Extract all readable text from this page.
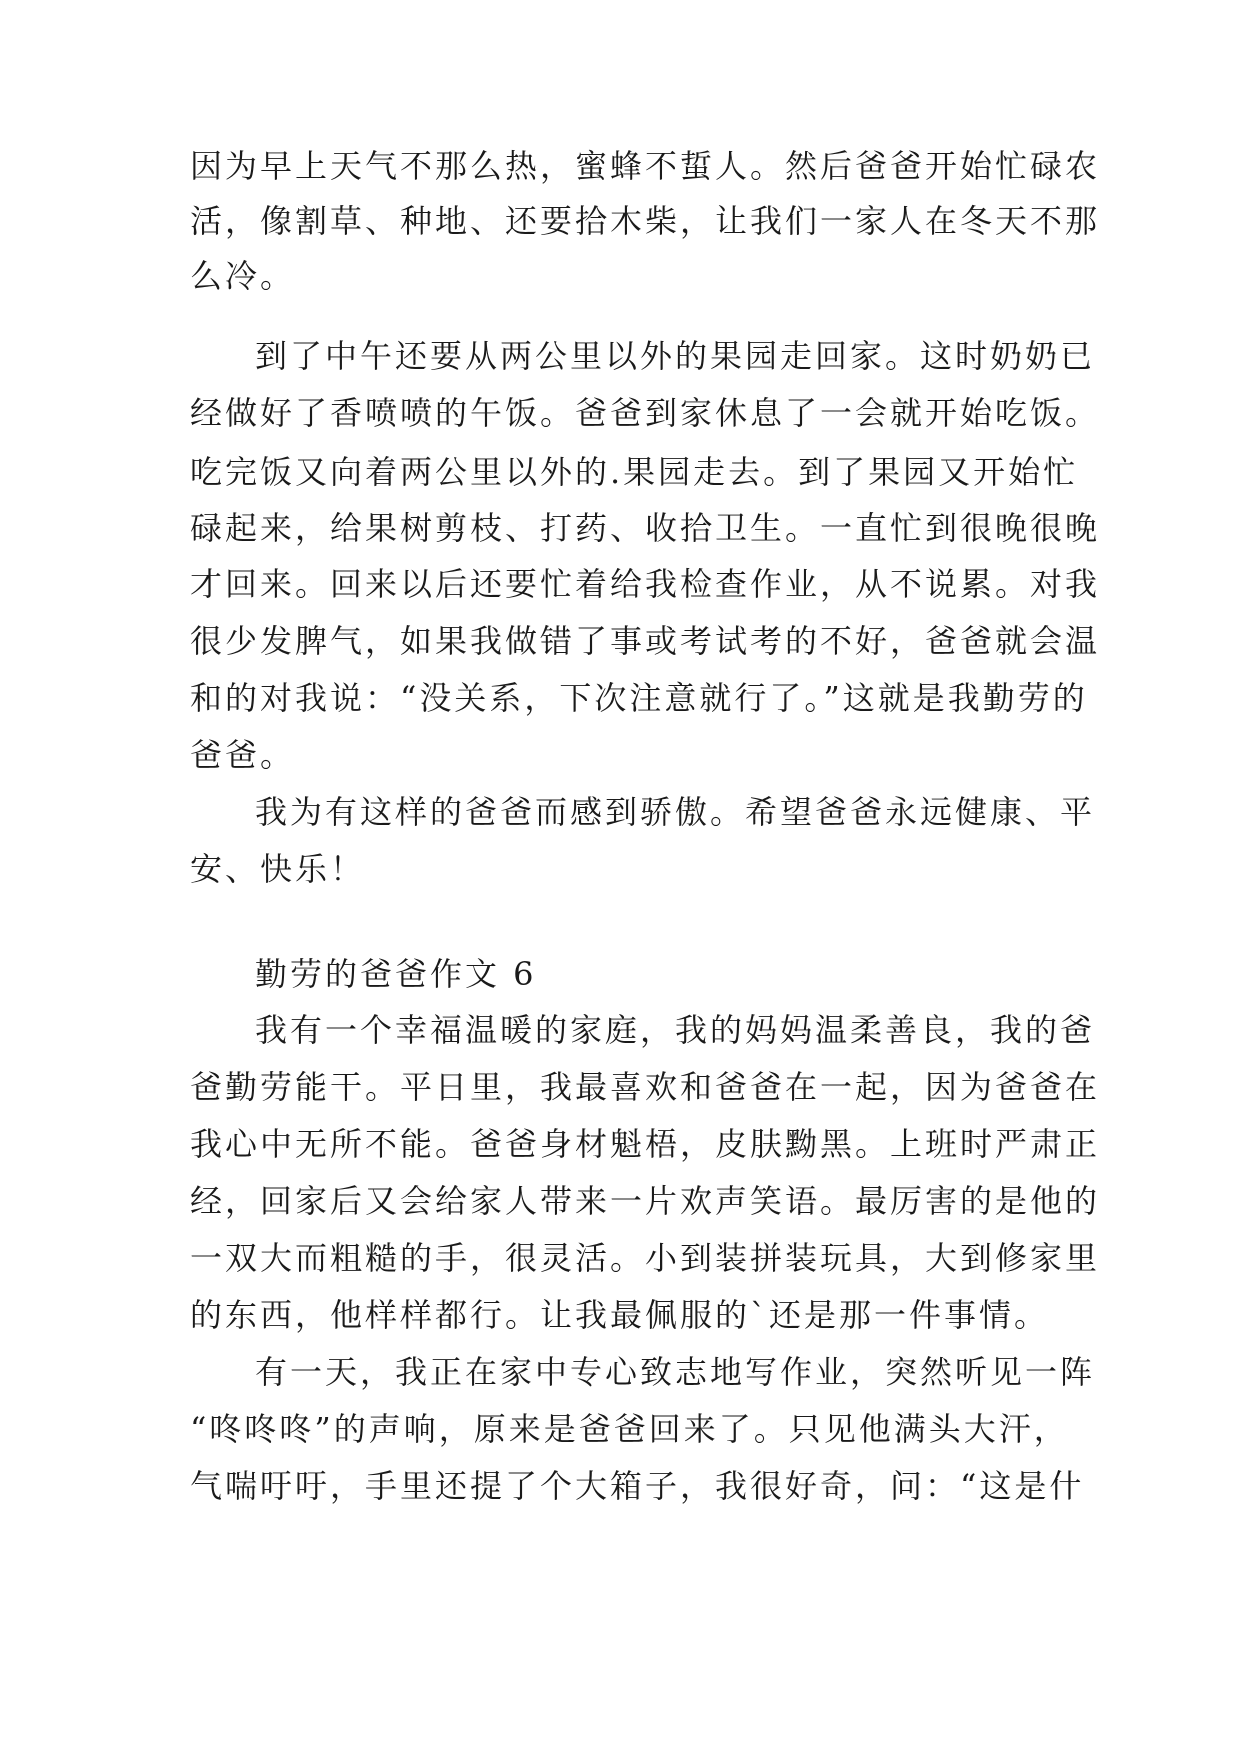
因为早上天气不那么热，蜜蜂不蜇人。然后爸爸开始忙碌农
活，像割草、种地、还要拾木柴，让我们一家人在冬天不那
么冷。
到了中午还要从两公里以外的果园走回家。这时奶奶已
经做好了香喷喷的午饭。爸爸到家休息了一会就开始吃饭。
吃完饭又向着两公里以外的.果园走去。到了果园又开始忙
碌起来，给果树剪枝、打药、收拾卫生。一直忙到很晚很晚
才回来。回来以后还要忙着给我检查作业，从不说累。对我
很少发脾气，如果我做错了事或考试考的不好，爸爸就会温
和的对我说：“没关系，下次注意就行了。”这就是我勤劳的
爸爸。
我为有这样的爸爸而感到骄傲。希望爸爸永远健康、平
安、快乐！
勤劳的爸爸作文 6
我有一个幸福温暖的家庭，我的妈妈温柔善良，我的爸
爸勤劳能干。平日里，我最喜欢和爸爸在一起，因为爸爸在
我心中无所不能。爸爸身材魁梧，皮肤黝黑。上班时严肃正
经，回家后又会给家人带来一片欢声笑语。最厉害的是他的
一双大而粗糙的手，很灵活。小到装拼装玩具，大到修家里
的东西，他样样都行。让我最佩服的`还是那一件事情。
有一天，我正在家中专心致志地写作业，突然听见一阵
“咚咚咚”的声响，原来是爸爸回来了。只见他满头大汗，
气喘吁吁，手里还提了个大箱子，我很好奇，问：“这是什
